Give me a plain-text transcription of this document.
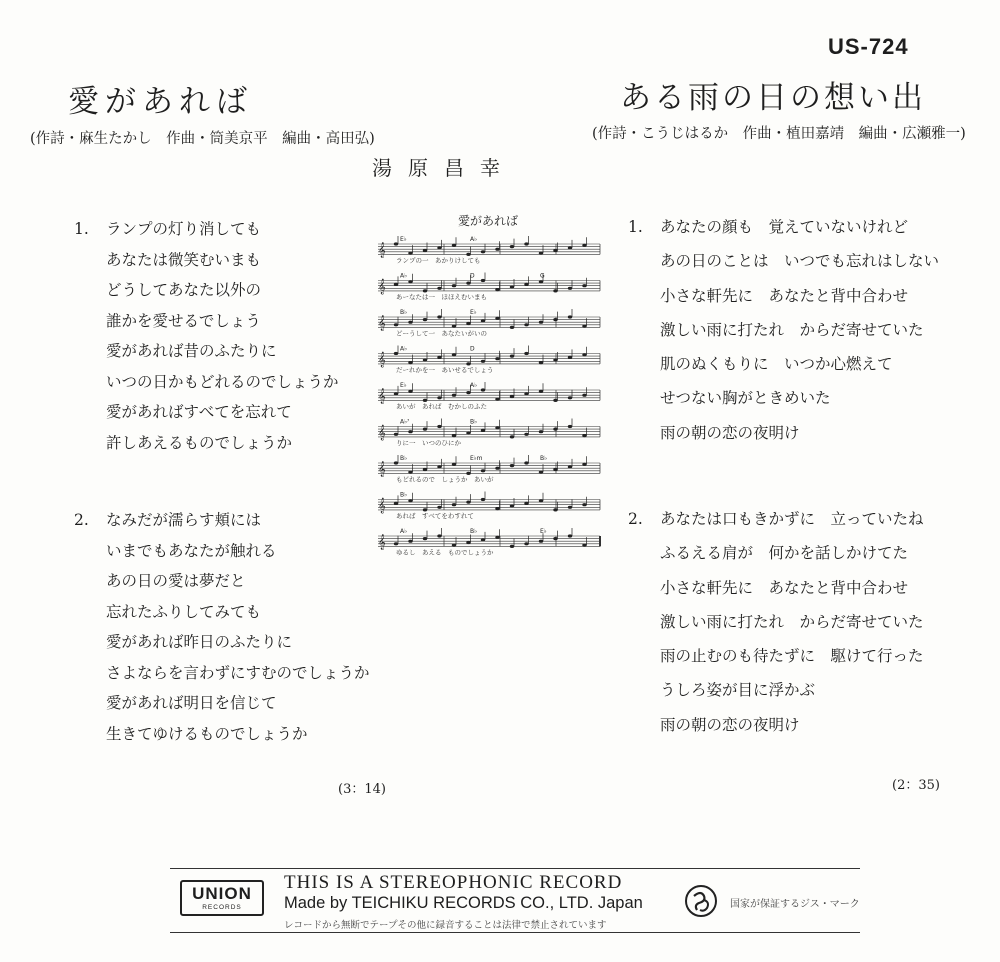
US-724
愛があれば
(作詩・麻生たかし　作曲・筒美京平　編曲・高田弘)
ある雨の日の想い出
(作詩・こうじはるか　作曲・植田嘉靖　編曲・広瀬雅一)
湯原昌幸
1. ランプの灯り消しても
あなたは微笑むいまも
どうしてあなた以外の
誰かを愛せるでしょう
愛があれば昔のふたりに
いつの日かもどれるのでしょうか
愛があればすべてを忘れて
許しあえるものでしょうか
2. なみだが濡らす頬には
いまでもあなたが触れる
あの日の愛は夢だと
忘れたふりしてみても
愛があれば昨日のふたりに
さよならを言わずにすむのでしょうか
愛があれば明日を信じて
生きてゆけるものでしょうか
(3：14)
1. あなたの顔も　覚えていないけれど
あの日のことは　いつでも忘れはしない
小さな軒先に　あなたと背中合わせ
激しい雨に打たれ　からだ寄せていた
肌のぬくもりに　いつか心燃えて
せつない胸がときめいた
雨の朝の恋の夜明け
2. あなたは口もきかずに　立っていたね
ふるえる肩が　何かを話しかけてた
小さな軒先に　あなたと背中合わせ
激しい雨に打たれ　からだ寄せていた
雨の止むのも待たずに　駆けて行った
うしろ姿が目に浮かぶ
雨の朝の恋の夜明け
(2：35)
愛があれば
𝄞
E♭	A♭
ランプの一　あかりけしても
𝄞
A♭	D	G
あーなたは一　ほほえむいまも
𝄞
B♭	E♭
どーうして一　あなたいがいの
𝄞
A♭	D
だーれかを一　あいせるでしょう
𝄞
E♭	A♭
あいが　あれば　むかしのふた
𝄞
A♭⁷	B♭
りに一　いつのひにか
𝄞
B♭	E♭m	B♭
もどれるので　しょうか　あいが
𝄞
B♭
あれば　すべてをわすれて
𝄞
A♭	B♭	E♭
ゆるし　あえる　ものでしょうか
UNION
RECORDS
THIS IS A STEREOPHONIC RECORD
Made by TEICHIKU RECORDS CO., LTD. Japan
レコードから無断でテープその他に録音することは法律で禁止されています
国家が保証するジス・マーク
